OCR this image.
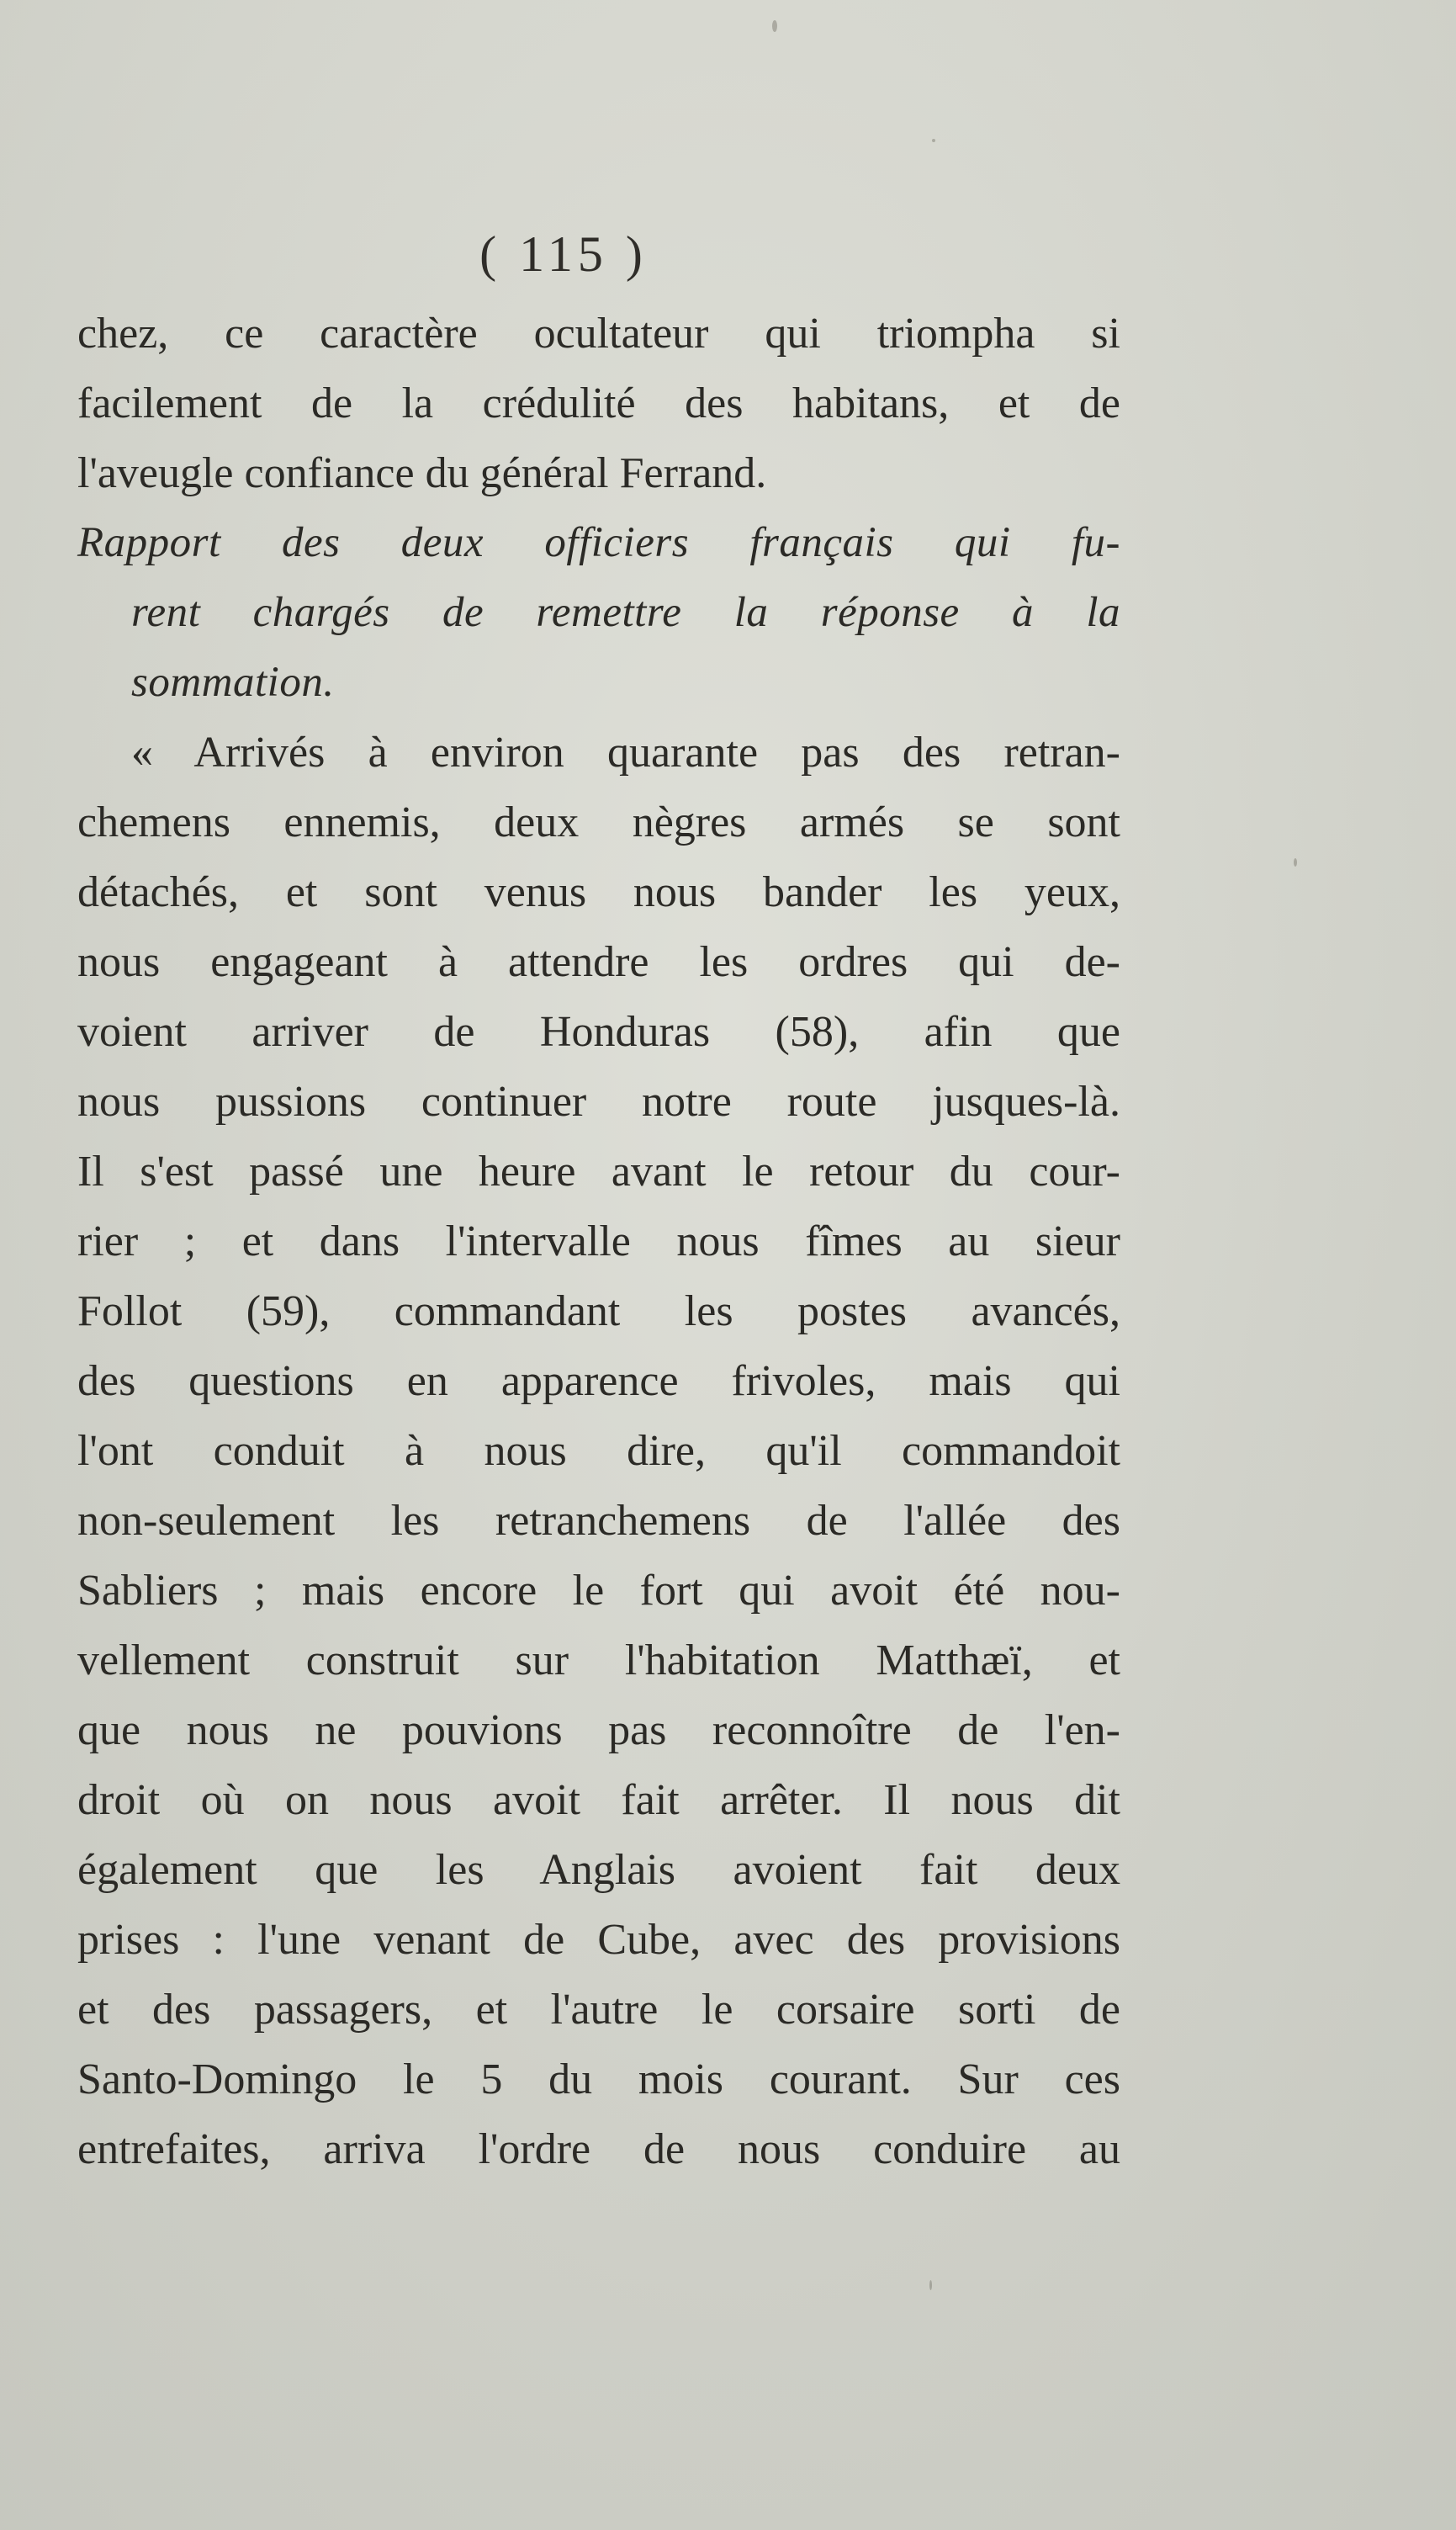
( 115 )

chez, ce caractère ocultateur qui triompha si
facilement de la crédulité des habitans, et de
l'aveugle confiance du général Ferrand.
Rapport des deux officiers français qui fu-
rent chargés de remettre la réponse à la
sommation.
« Arrivés à environ quarante pas des retran-
chemens ennemis, deux nègres armés se sont
détachés, et sont venus nous bander les yeux,
nous engageant à attendre les ordres qui de-
voient arriver de Honduras (58), afin que
nous pussions continuer notre route jusques-là.
Il s'est passé une heure avant le retour du cour-
rier ; et dans l'intervalle nous fîmes au sieur
Follot (59), commandant les postes avancés,
des questions en apparence frivoles, mais qui
l'ont conduit à nous dire, qu'il commandoit
non-seulement les retranchemens de l'allée des
Sabliers ; mais encore le fort qui avoit été nou-
vellement construit sur l'habitation Matthæï, et
que nous ne pouvions pas reconnoître de l'en-
droit où on nous avoit fait arrêter. Il nous dit
également que les Anglais avoient fait deux
prises : l'une venant de Cube, avec des provisions
et des passagers, et l'autre le corsaire sorti de
Santo-Domingo le 5 du mois courant. Sur ces
entrefaites, arriva l'ordre de nous conduire au
